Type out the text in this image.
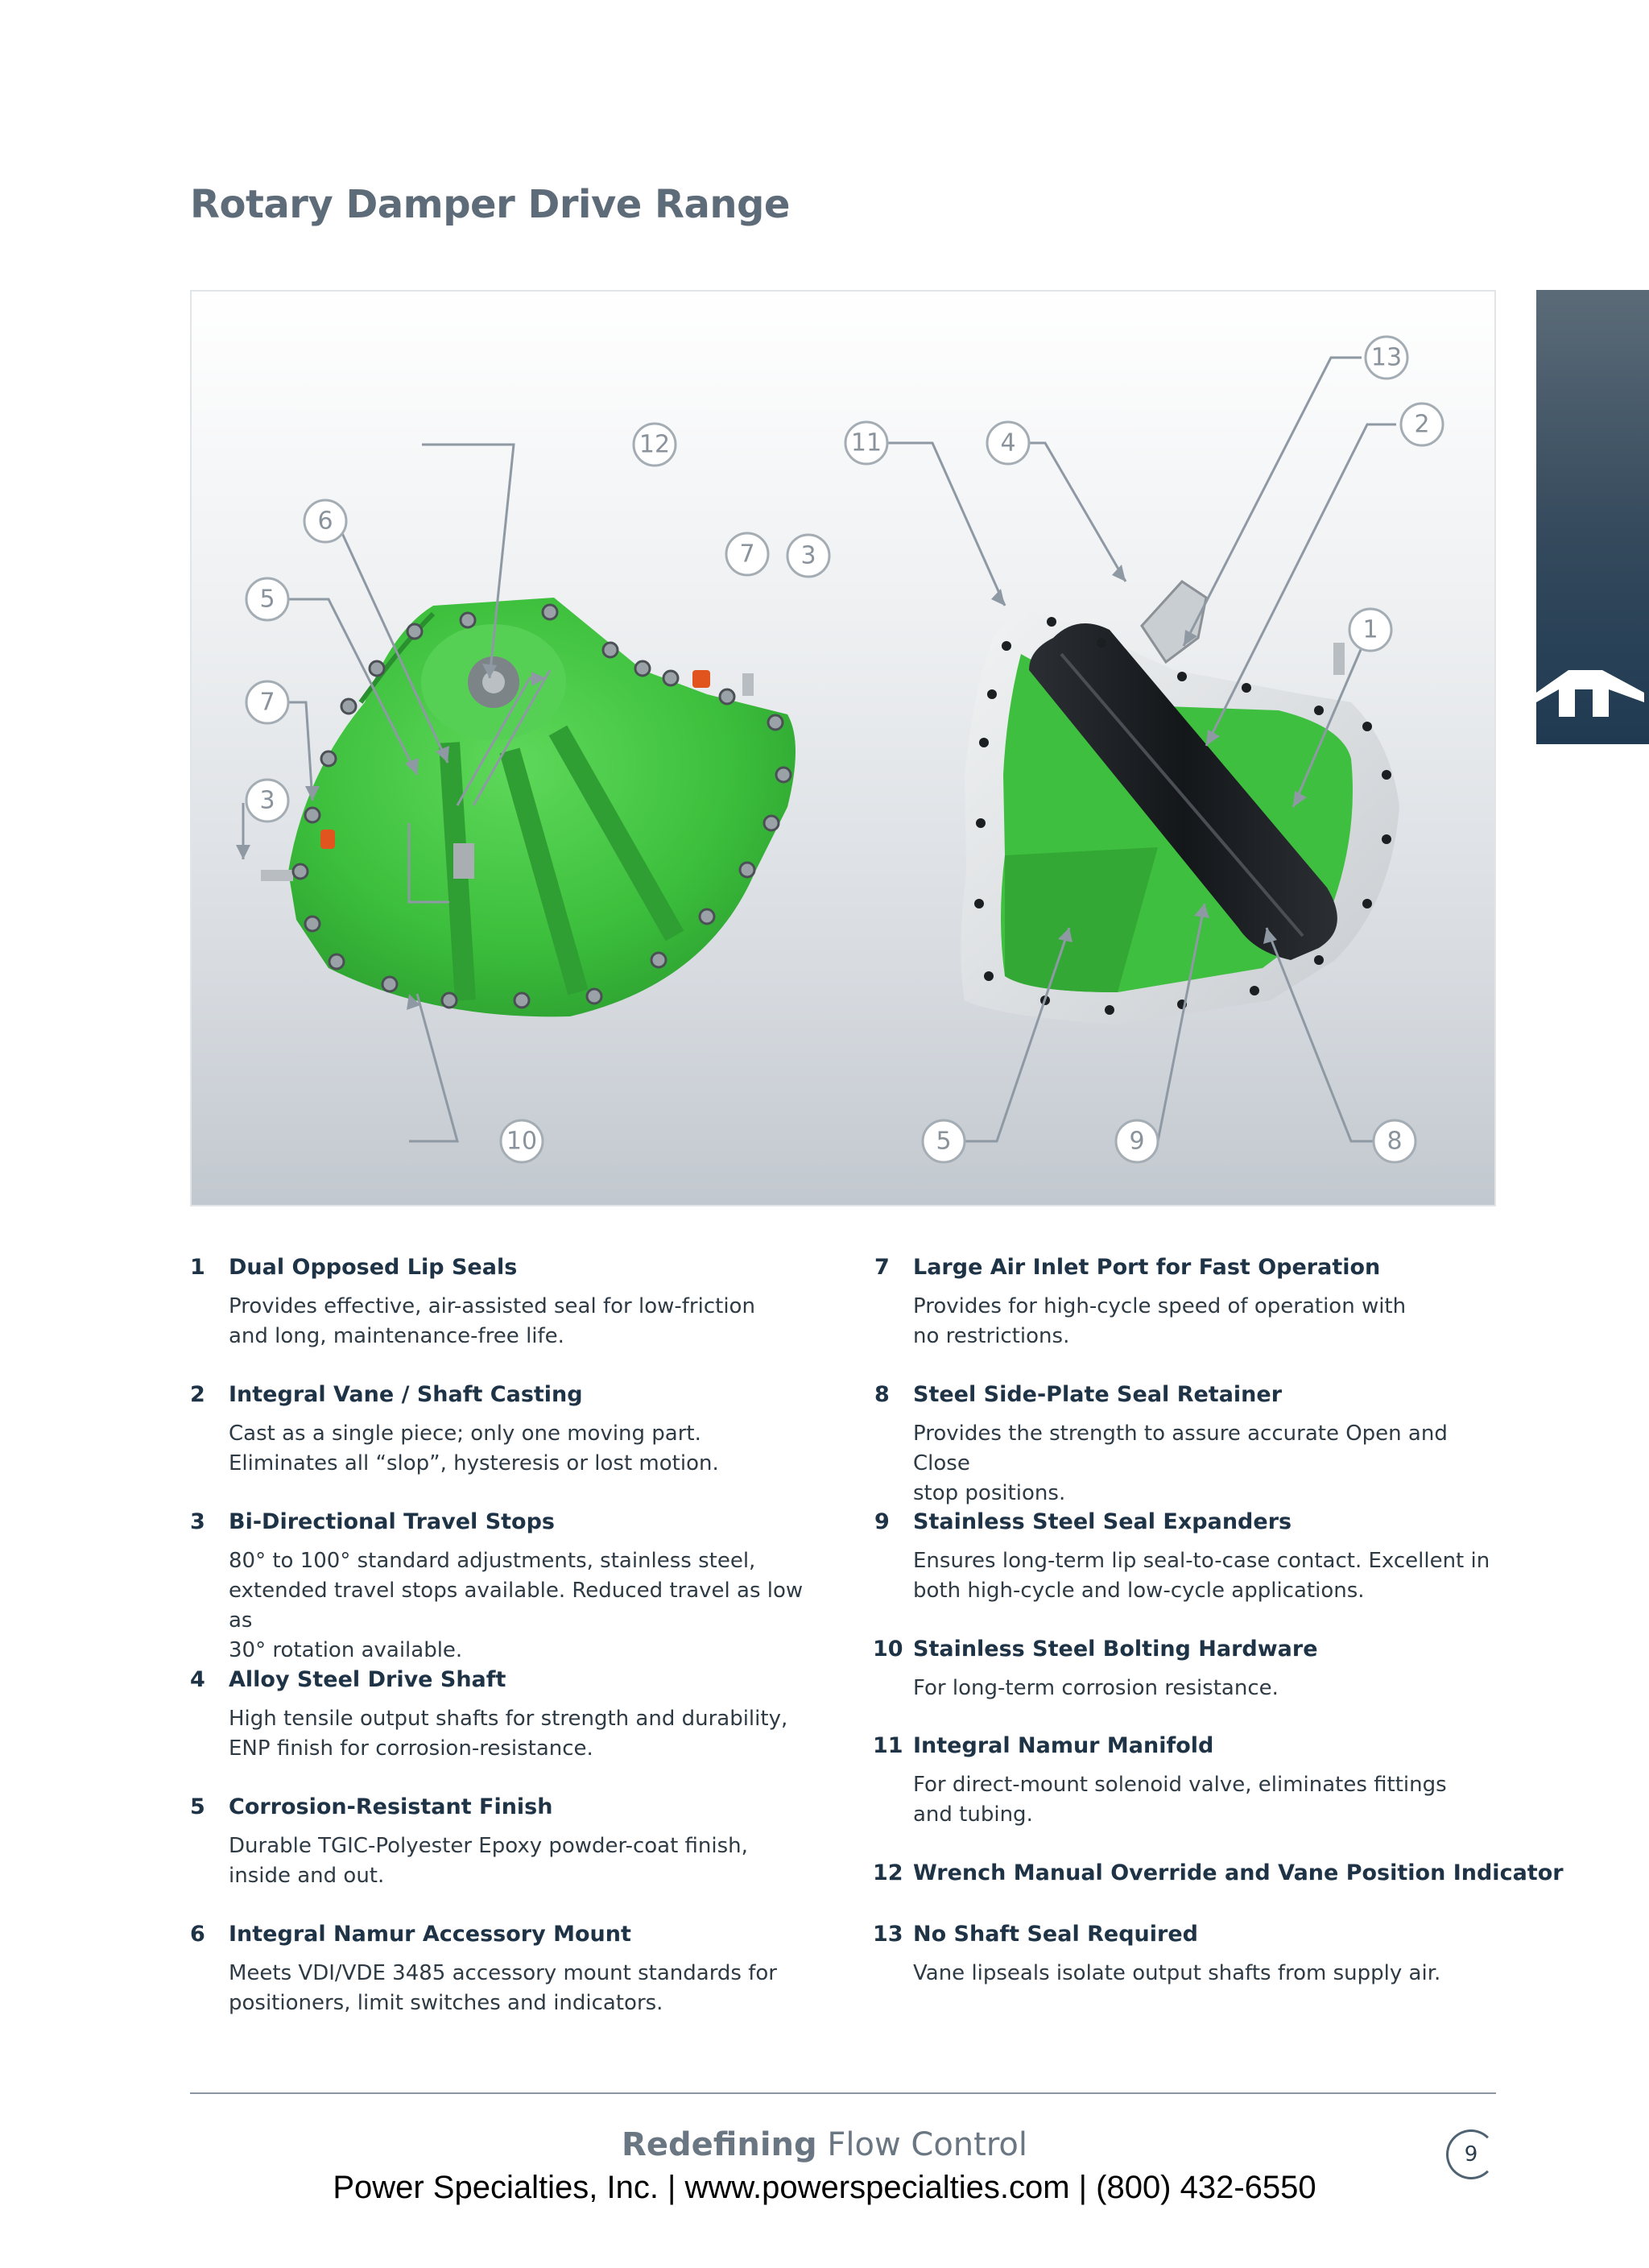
Rotary Damper Drive Range
12
6
5
7
3
7 3
10
11	4
13
2
1
5	9	8
1 Dual Opposed Lip Seals
Provides effective, air-assisted seal for low-friction
and long, maintenance-free life.
2 Integral Vane / Shaft Casting
Cast as a single piece; only one moving part.
Eliminates all “slop”, hysteresis or lost motion.
3 Bi-Directional Travel Stops
80° to 100° standard adjustments, stainless steel,
extended travel stops available. Reduced travel as low as
30° rotation available.
4 Alloy Steel Drive Shaft
High tensile output shafts for strength and durability,
ENP finish for corrosion-resistance.
5 Corrosion-Resistant Finish
Durable TGIC-Polyester Epoxy powder-coat finish,
inside and out.
6 Integral Namur Accessory Mount
Meets VDI/VDE 3485 accessory mount standards for
positioners, limit switches and indicators.
7 Large Air Inlet Port for Fast Operation
Provides for high-cycle speed of operation with
no restrictions.
8 Steel Side-Plate Seal Retainer
Provides the strength to assure accurate Open and Close
stop positions.
9 Stainless Steel Seal Expanders
Ensures long-term lip seal-to-case contact. Excellent in
both high-cycle and low-cycle applications.
10 Stainless Steel Bolting Hardware
For long-term corrosion resistance.
11 Integral Namur Manifold
For direct-mount solenoid valve, eliminates fittings
and tubing.
12 Wrench Manual Override and Vane Position Indicator
13 No Shaft Seal Required
Vane lipseals isolate output shafts from supply air.
Redefining Flow Control
Power Specialties, Inc. | www.powerspecialties.com | (800) 432-6550
9
